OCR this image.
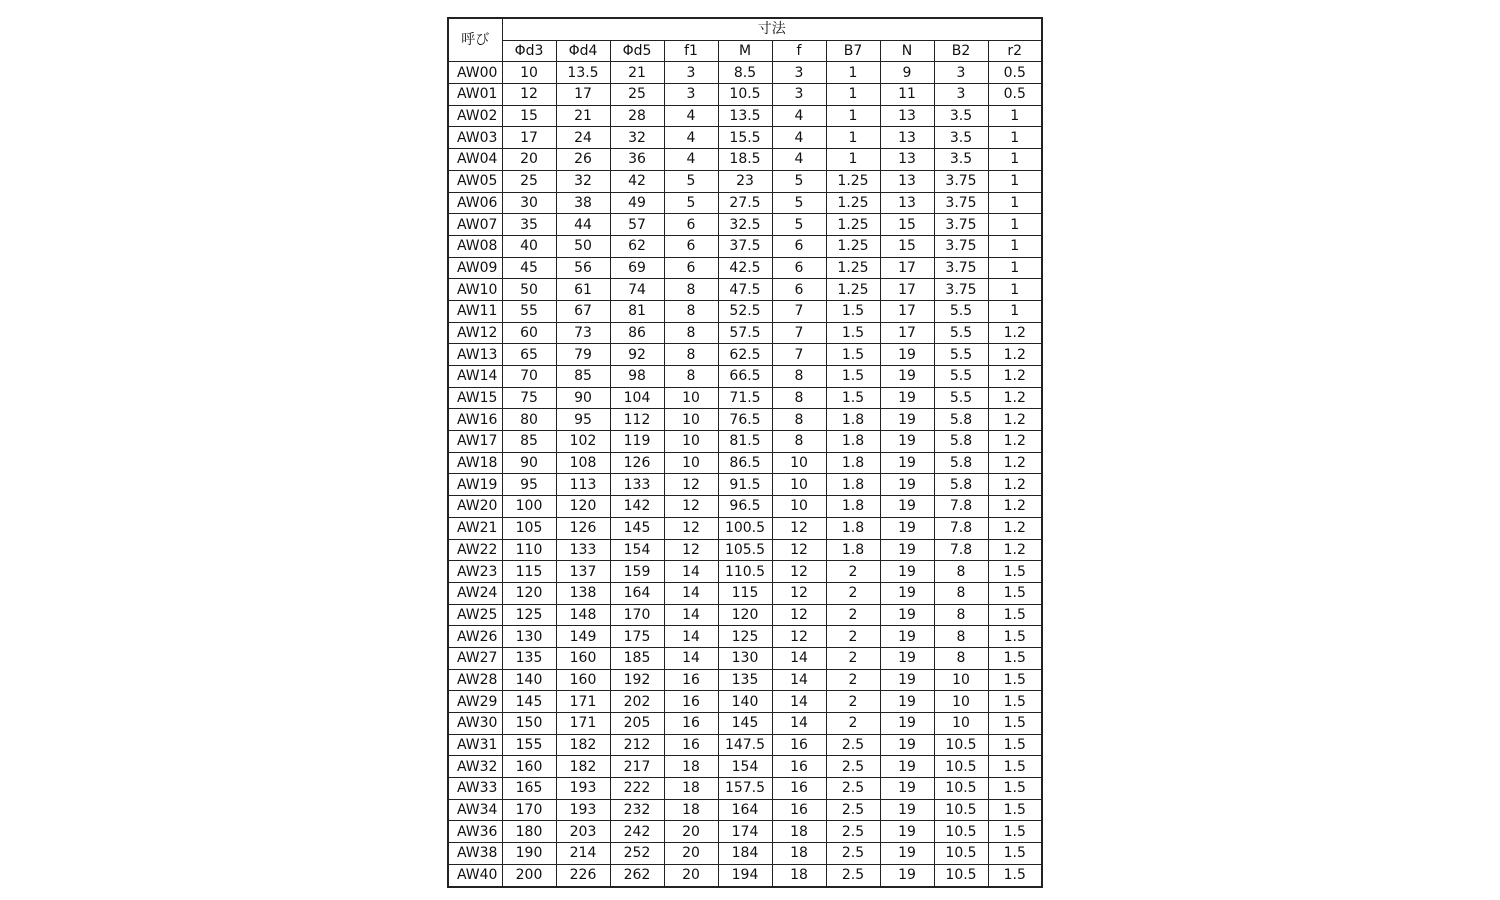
呼び	寸法									
	Φd3	Φd4	Φd5	f1	M	f	B7	N	B2	r2
AW00	10	13.5	21	3	8.5	3	1	9	3	0.5
AW01	12	17	25	3	10.5	3	1	11	3	0.5
AW02	15	21	28	4	13.5	4	1	13	3.5	1
AW03	17	24	32	4	15.5	4	1	13	3.5	1
AW04	20	26	36	4	18.5	4	1	13	3.5	1
AW05	25	32	42	5	23	5	1.25	13	3.75	1
AW06	30	38	49	5	27.5	5	1.25	13	3.75	1
AW07	35	44	57	6	32.5	5	1.25	15	3.75	1
AW08	40	50	62	6	37.5	6	1.25	15	3.75	1
AW09	45	56	69	6	42.5	6	1.25	17	3.75	1
AW10	50	61	74	8	47.5	6	1.25	17	3.75	1
AW11	55	67	81	8	52.5	7	1.5	17	5.5	1
AW12	60	73	86	8	57.5	7	1.5	17	5.5	1.2
AW13	65	79	92	8	62.5	7	1.5	19	5.5	1.2
AW14	70	85	98	8	66.5	8	1.5	19	5.5	1.2
AW15	75	90	104	10	71.5	8	1.5	19	5.5	1.2
AW16	80	95	112	10	76.5	8	1.8	19	5.8	1.2
AW17	85	102	119	10	81.5	8	1.8	19	5.8	1.2
AW18	90	108	126	10	86.5	10	1.8	19	5.8	1.2
AW19	95	113	133	12	91.5	10	1.8	19	5.8	1.2
AW20	100	120	142	12	96.5	10	1.8	19	7.8	1.2
AW21	105	126	145	12	100.5	12	1.8	19	7.8	1.2
AW22	110	133	154	12	105.5	12	1.8	19	7.8	1.2
AW23	115	137	159	14	110.5	12	2	19	8	1.5
AW24	120	138	164	14	115	12	2	19	8	1.5
AW25	125	148	170	14	120	12	2	19	8	1.5
AW26	130	149	175	14	125	12	2	19	8	1.5
AW27	135	160	185	14	130	14	2	19	8	1.5
AW28	140	160	192	16	135	14	2	19	10	1.5
AW29	145	171	202	16	140	14	2	19	10	1.5
AW30	150	171	205	16	145	14	2	19	10	1.5
AW31	155	182	212	16	147.5	16	2.5	19	10.5	1.5
AW32	160	182	217	18	154	16	2.5	19	10.5	1.5
AW33	165	193	222	18	157.5	16	2.5	19	10.5	1.5
AW34	170	193	232	18	164	16	2.5	19	10.5	1.5
AW36	180	203	242	20	174	18	2.5	19	10.5	1.5
AW38	190	214	252	20	184	18	2.5	19	10.5	1.5
AW40	200	226	262	20	194	18	2.5	19	10.5	1.5
